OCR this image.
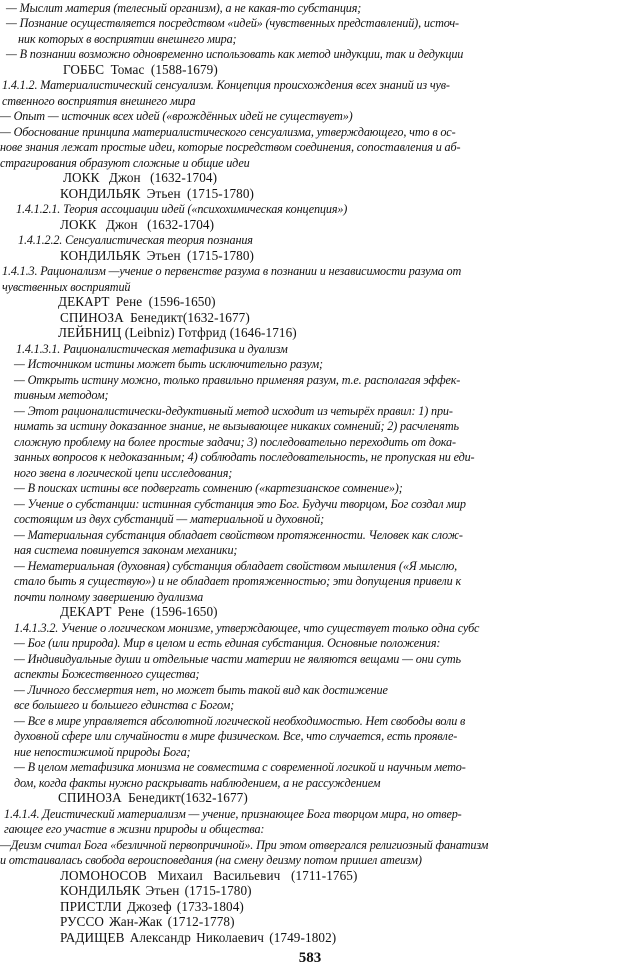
— Мыслит материя (телесный организм), а не какая-то субстанция;
— Познание осуществляется посредством «идей» (чувственных представлений), источ-
ник которых в восприятии внешнего мира;
— В познании возможно одновременно использовать как метод индукции, так и дедукции
ГОББС Томас (1588-1679)
1.4.1.2. Материалистический сенсуализм. Концепция происхождения всех знаний из чув-
ственного восприятия внешнего мира
— Опыт — источник всех идей («врождённых идей не существует»)
— Обоснование принципа материалистического сенсуализма, утверждающего, что в ос-
нове знания лежат простые идеи, которые посредством соединения, сопоставления и аб-
страгирования образуют сложные и общие идеи
ЛОКК Джон (1632-1704)
КОНДИЛЬЯК Этьен (1715-1780)
1.4.1.2.1. Теория ассоциации идей («психохимическая концепция»)
ЛОКК Джон (1632-1704)
1.4.1.2.2. Сенсуалистическая теория познания
КОНДИЛЬЯК Этьен (1715-1780)
1.4.1.3. Рационализм —учение о первенстве разума в познании и независимости разума от
чувственных восприятий
ДЕКАРТ Рене (1596-1650)
СПИНОЗА Бенедикт(1632-1677)
ЛЕЙБНИЦ (Leibniz) Готфрид (1646-1716)
1.4.1.3.1. Рационалистическая метафизика и дуализм
— Источником истины может быть исключительно разум;
— Открыть истину можно, только правильно применяя разум, т.е. располагая эффек-
тивным методом;
— Этот рационалистически-дедуктивный метод исходит из четырёх правил: 1) при-
нимать за истину доказанное знание, не вызывающее никаких сомнений; 2) расчленять
сложную проблему на более простые задачи; 3) последовательно переходить от дока-
занных вопросов к недоказанным; 4) соблюдать последовательность, не пропуская ни еди-
ного звена в логической цепи исследования;
— В поисках истины все подвергать сомнению («картезианское сомнение»);
— Учение о субстанции: истинная субстанция это Бог. Будучи творцом, Бог создал мир
состоящим из двух субстанций — материальной и духовной;
— Материальная субстанция обладает свойством протяженности. Человек как слож-
ная система повинуется законам механики;
— Нематериальная (духовная) субстанция обладает свойством мышления («Я мыслю,
стало быть я существую») и не обладает протяженностью; эти допущения привели к
почти полному завершению дуализма
ДЕКАРТ Рене (1596-1650)
1.4.1.3.2. Учение о логическом монизме, утверждающее, что существует только одна субс
— Бог (или природа). Мир в целом и есть единая субстанция. Основные положения:
— Индивидуальные души и отдельные части материи не являются вещами — они суть
аспекты Божественного существа;
— Личного бессмертия нет, но может быть такой вид как достижение
все большего и большего единства с Богом;
— Все в мире управляется абсолютной логической необходимостью. Нет свободы воли в
духовной сфере или случайности в мире физическом. Все, что случается, есть проявле-
ние непостижимой природы Бога;
— В целом метафизика монизма не совместима с современной логикой и научным мето-
дом, когда факты нужно раскрывать наблюдением, а не рассуждением
СПИНОЗА Бенедикт(1632-1677)
1.4.1.4. Деистический материализм — учение, признающее Бога творцом мира, но отвер-
гающее его участие в жизни природы и общества:
—Деизм считал Бога «безличной первопричиной». При этом отвергался религиозный фанатизм
и отстаивалась свобода вероисповедания (на смену деизму потом пришел атеизм)
ЛОМОНОСОВ Михаил Васильевич (1711-1765)
КОНДИЛЬЯК Этьен (1715-1780)
ПРИСТЛИ Джозеф (1733-1804)
РУССО Жан-Жак (1712-1778)
РАДИЩЕВ Александр Николаевич (1749-1802)
583
